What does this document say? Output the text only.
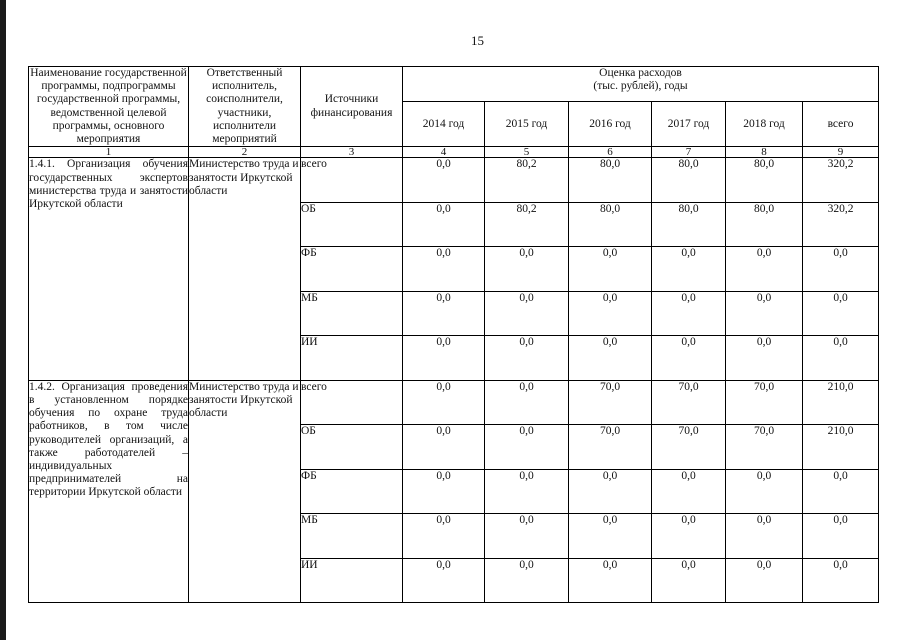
15
Наименование государственной программы, подпрограммы государственной программы, ведомственной целевой программы, основного мероприятия	Ответственный исполнитель, соисполнители, участники, исполнители мероприятий	Источники финансирования	Оценка расходов
(тыс. рублей), годы					

			2014 год	2015 год	2016 год	2017 год	2018 год	всего
1	2	3	4	5	6	7	8	9
1.4.1. Организация обучения государственных экспертов министерства труда и занятости Иркутской области	Министерство труда и занятости Иркутской области	всего	0,0	80,2	80,0	80,0	80,0	320,2
		ОБ	0,0	80,2	80,0	80,0	80,0	320,2
		ФБ	0,0	0,0	0,0	0,0	0,0	0,0
		МБ	0,0	0,0	0,0	0,0	0,0	0,0
		ИИ	0,0	0,0	0,0	0,0	0,0	0,0
1.4.2. Организация проведения в установленном порядке обучения по охране труда работников, в том числе руководителей организаций, а также работодателей – индивидуальных предпринимателей на территории Иркутской области	Министерство труда и занятости Иркутской области	всего	0,0	0,0	70,0	70,0	70,0	210,0
		ОБ	0,0	0,0	70,0	70,0	70,0	210,0
		ФБ	0,0	0,0	0,0	0,0	0,0	0,0
		МБ	0,0	0,0	0,0	0,0	0,0	0,0
		ИИ	0,0	0,0	0,0	0,0	0,0	0,0
